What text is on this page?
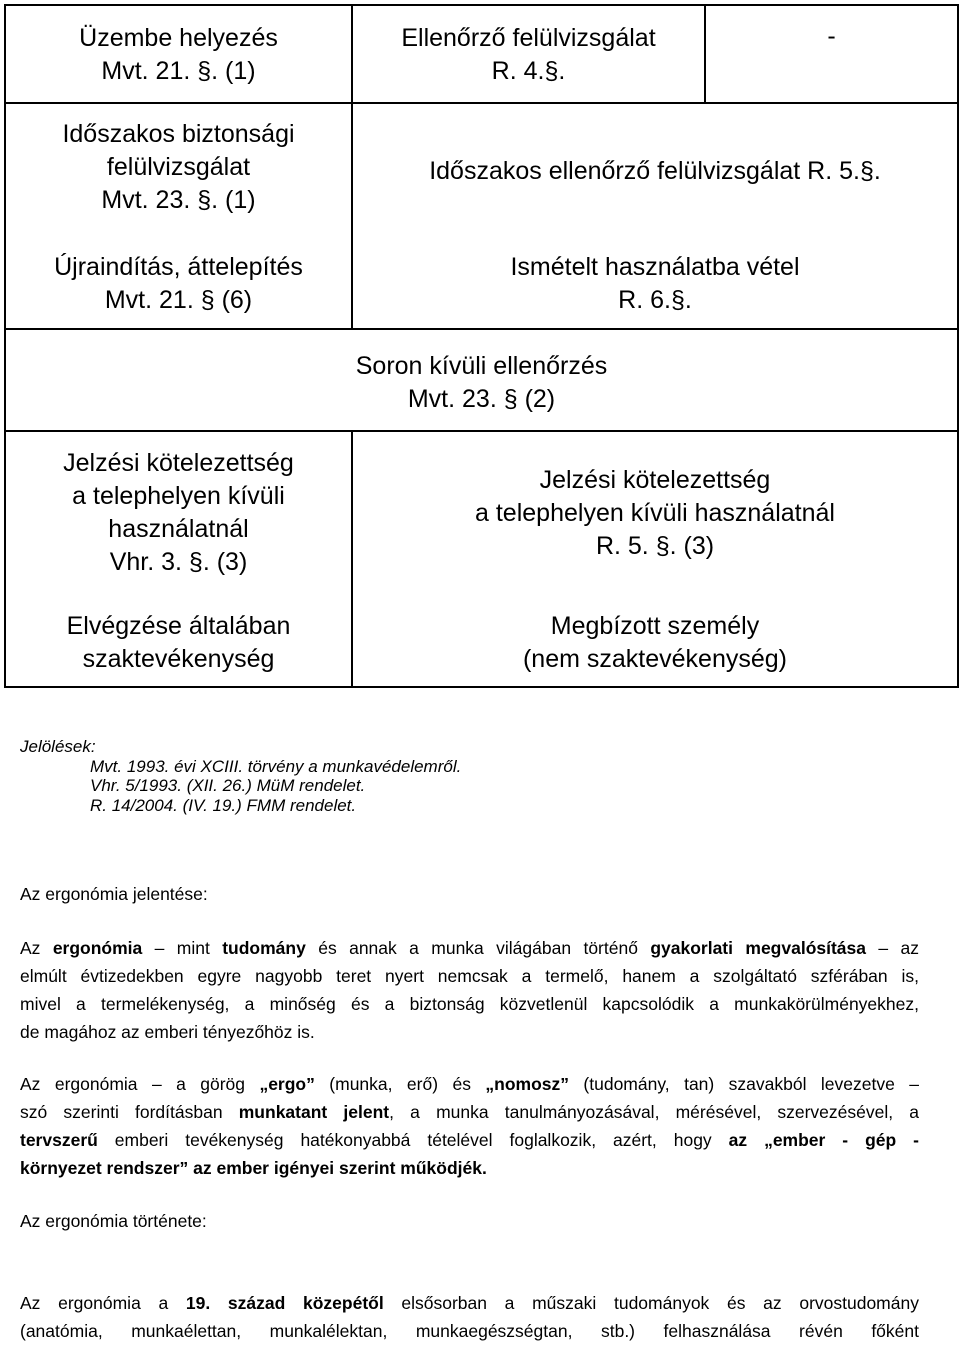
Üzembe helyezés
Mvt. 21. §. (1)
Ellenőrző felülvizsgálat
R. 4.§.
-
Időszakos biztonsági
felülvizsgálat
Mvt. 23. §. (1)
Időszakos ellenőrző felülvizsgálat R. 5.§.
Újraindítás, áttelepítés
Mvt. 21. § (6)
Ismételt használatba vétel
R. 6.§.
Soron kívüli ellenőrzés
Mvt. 23. § (2)
Jelzési kötelezettség
a telephelyen kívüli
használatnál
Vhr. 3. §. (3)
Jelzési kötelezettség
a telephelyen kívüli használatnál
R. 5. §. (3)
Elvégzése általában
szaktevékenység
Megbízott személy
(nem szaktevékenység)
Jelölések:
Mvt. 1993. évi XCIII. törvény a munkavédelemről.
Vhr. 5/1993. (XII. 26.) MüM rendelet.
R. 14/2004. (IV. 19.) FMM rendelet.
Az ergonómia jelentése:
Az ergonómia – mint tudomány és annak a munka világában történő gyakorlati megvalósítása – az
elmúlt évtizedekben egyre nagyobb teret nyert nemcsak a termelő, hanem a szolgáltató szférában is,
mivel a termelékenység, a minőség és a biztonság közvetlenül kapcsolódik a munkakörülményekhez,
de magához az emberi tényezőhöz is.
Az ergonómia – a görög „ergo” (munka, erő) és „nomosz” (tudomány, tan) szavakból levezetve –
szó szerinti fordításban munkatant jelent, a munka tanulmányozásával, mérésével, szervezésével, a
tervszerű emberi tevékenység hatékonyabbá tételével foglalkozik, azért, hogy az „ember - gép -
környezet rendszer” az ember igényei szerint működjék.
Az ergonómia története:
Az ergonómia a 19. század közepétől elsősorban a műszaki tudományok és az orvostudomány
(anatómia, munkaélettan, munkalélektan, munkaegészségtan, stb.) felhasználása révén főként
